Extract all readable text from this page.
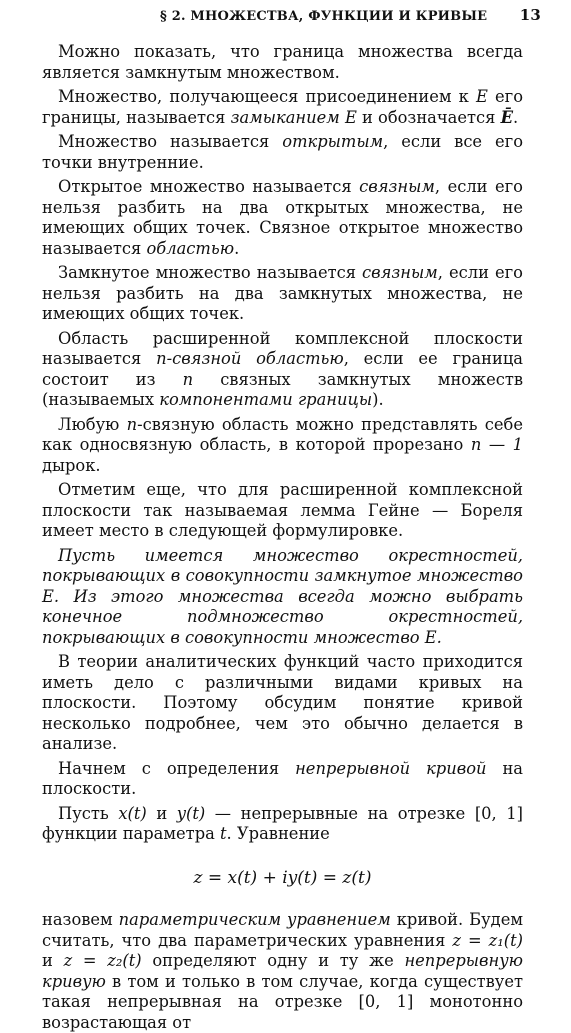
§ 2. МНОЖЕСТВА, ФУНКЦИИ И КРИВЫЕ 13

Можно показать, что граница множества всегда является замкнутым множеством.

Множество, получающееся присоединением к E его границы, называется замыканием E и обозначается Ē.

Множество называется открытым, если все его точки внутренние.

Открытое множество называется связным, если его нельзя разбить на два открытых множества, не имеющих общих точек. Связное открытое множество называется областью.

Замкнутое множество называется связным, если его нельзя разбить на два замкнутых множества, не имеющих общих точек.

Область расширенной комплексной плоскости называется n-связной областью, если ее граница состоит из n связных замкнутых множеств (называемых компонентами границы).

Любую n-связную область можно представлять себе как односвязную область, в которой прорезано n — 1 дырок.

Отметим еще, что для расширенной комплексной плоскости так называемая лемма Гейне — Бореля имеет место в следующей формулировке.

Пусть имеется множество окрестностей, покрывающих в совокупности замкнутое множество Е. Из этого множества всегда можно выбрать конечное подмножество окрестностей, покрывающих в совокупности множество Е.

В теории аналитических функций часто приходится иметь дело с различными видами кривых на плоскости. Поэтому обсудим понятие кривой несколько подробнее, чем это обычно делается в анализе.

Начнем с определения непрерывной кривой на плоскости.

Пусть x(t) и y(t) — непрерывные на отрезке [0, 1] функции параметра t. Уравнение

z = x(t) + iy(t) = z(t)

назовем параметрическим уравнением кривой. Будем считать, что два параметрических уравнения z = z₁(t) и z = z₂(t) определяют одну и ту же непрерывную кривую в том и только в том случае, когда существует такая непрерывная на отрезке [0, 1] монотонно возрастающая от
